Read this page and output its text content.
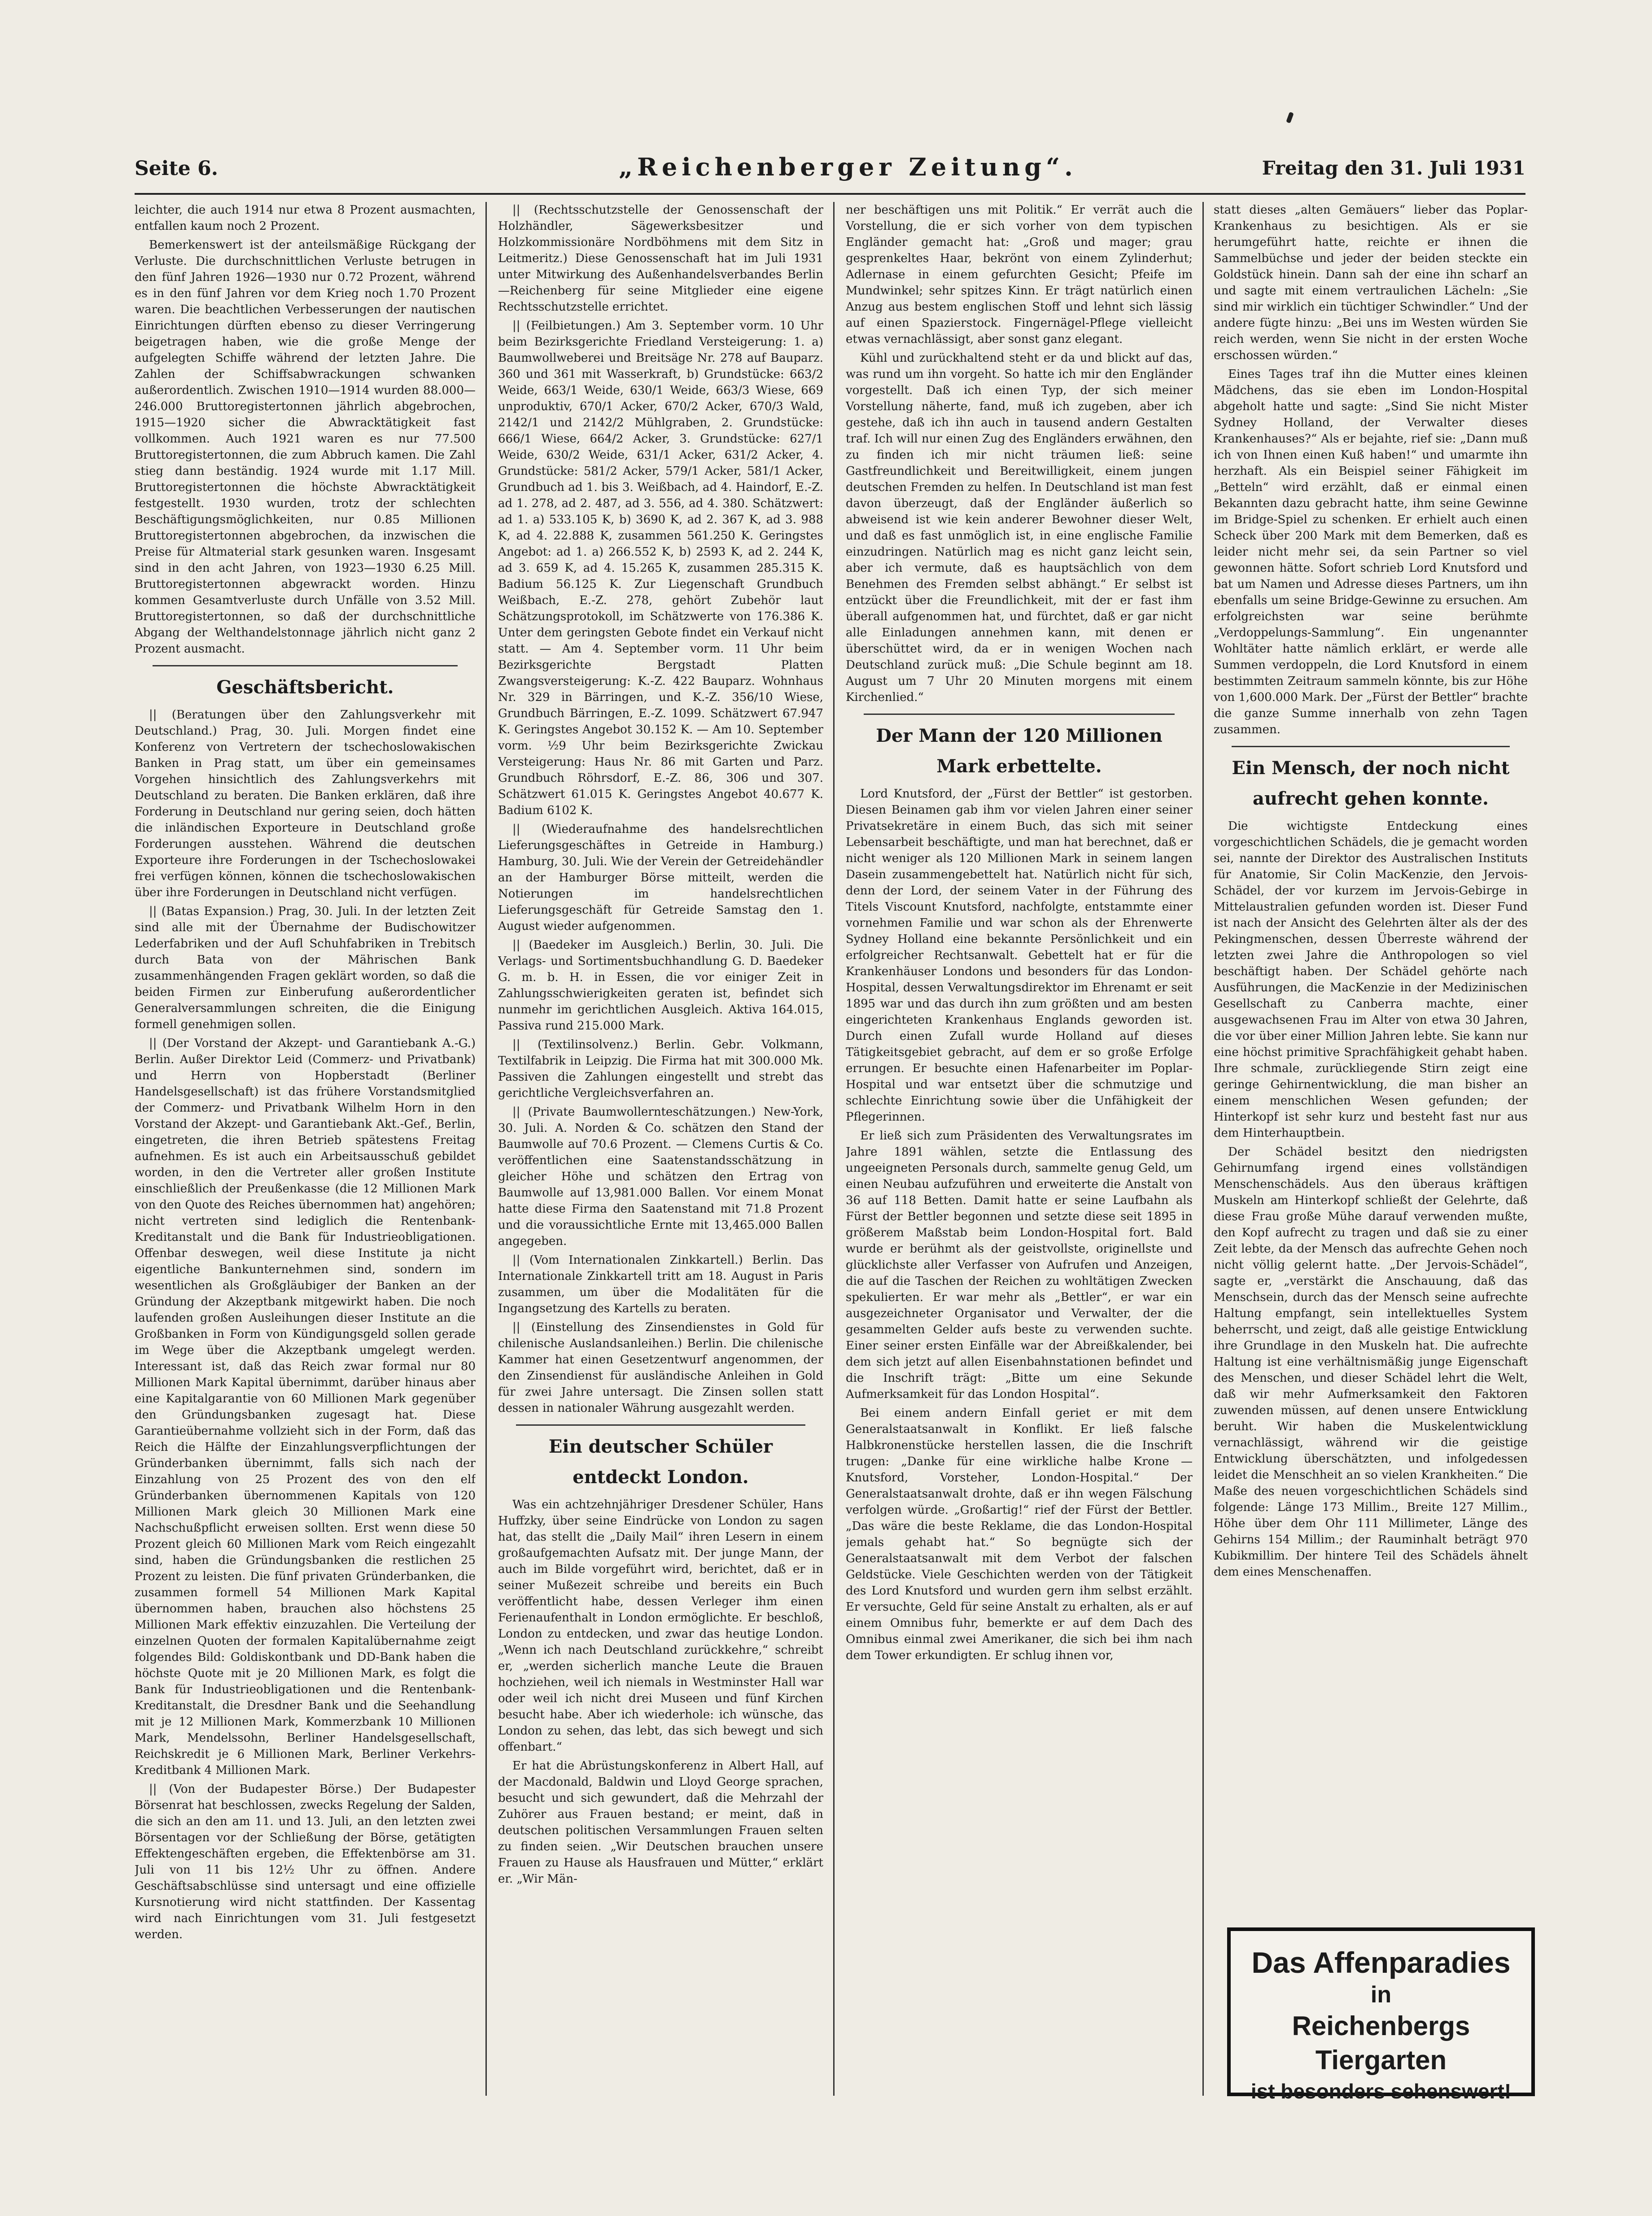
Seite 6.	„Reichenberger Zeitung“.	Freitag den 31. Juli 1931

leichter, die auch 1914 nur etwa 8 Prozent ausmachten, entfallen kaum noch 2 Prozent.

Bemerkenswert ist der anteilsmäßige Rückgang der Verluste. Die durchschnittlichen Verluste betrugen in den fünf Jahren 1926—1930 nur 0.72 Prozent, während es in den fünf Jahren vor dem Krieg noch 1.70 Prozent waren. Die beachtlichen Verbesserungen der nautischen Einrichtungen dürften ebenso zu dieser Verringerung beigetragen haben, wie die große Menge der aufgelegten Schiffe während der letzten Jahre. Die Zahlen der Schiffsabwrackungen schwanken außerordentlich. Zwischen 1910—1914 wurden 88.000—246.000 Bruttoregistertonnen jährlich abgebrochen, 1915—1920 sicher die Abwracktätigkeit fast vollkommen. Auch 1921 waren es nur 77.500 Bruttoregistertonnen, die zum Abbruch kamen. Die Zahl stieg dann beständig. 1924 wurde mit 1.17 Mill. Bruttoregistertonnen die höchste Abwracktätigkeit festgestellt. 1930 wurden, trotz der schlechten Beschäftigungsmöglichkeiten, nur 0.85 Millionen Bruttoregistertonnen abgebrochen, da inzwischen die Preise für Altmaterial stark gesunken waren. Insgesamt sind in den acht Jahren, von 1923—1930 6.25 Mill. Bruttoregistertonnen abgewrackt worden. Hinzu kommen Gesamtverluste durch Unfälle von 3.52 Mill. Bruttoregistertonnen, so daß der durchschnittliche Abgang der Welthandelstonnage jährlich nicht ganz 2 Prozent ausmacht.

Geschäftsbericht.

|| (Beratungen über den Zahlungsverkehr mit Deutschland.) Prag, 30. Juli. Morgen findet eine Konferenz von Vertretern der tschechoslowakischen Banken in Prag statt, um über ein gemeinsames Vorgehen hinsichtlich des Zahlungsverkehrs mit Deutschland zu beraten. Die Banken erklären, daß ihre Forderung in Deutschland nur gering seien, doch hätten die inländischen Exporteure in Deutschland große Forderungen ausstehen. Während die deutschen Exporteure ihre Forderungen in der Tschechoslowakei frei verfügen können, können die tschechoslowakischen über ihre Forderungen in Deutschland nicht verfügen.

|| (Batas Expansion.) Prag, 30. Juli. In der letzten Zeit sind alle mit der Übernahme der Budischowitzer Lederfabriken und der Aufl Schuhfabriken in Trebitsch durch Bata von der Mährischen Bank zusammenhängenden Fragen geklärt worden, so daß die beiden Firmen zur Einberufung außerordentlicher Generalversammlungen schreiten, die die Einigung formell genehmigen sollen.

|| (Der Vorstand der Akzept- und Garantiebank A.-G.) Berlin. Außer Direktor Leid (Commerz- und Privatbank) und Herrn von Hopberstadt (Berliner Handelsgesellschaft) ist das frühere Vorstandsmitglied der Commerz- und Privatbank Wilhelm Horn in den Vorstand der Akzept- und Garantiebank Akt.-Gef., Berlin, eingetreten, die ihren Betrieb spätestens Freitag aufnehmen. Es ist auch ein Arbeitsausschuß gebildet worden, in den die Vertreter aller großen Institute einschließlich der Preußenkasse (die 12 Millionen Mark von den Quote des Reiches übernommen hat) angehören; nicht vertreten sind lediglich die Rentenbank-Kreditanstalt und die Bank für Industrieobligationen. Offenbar deswegen, weil diese Institute ja nicht eigentliche Bankunternehmen sind, sondern im wesentlichen als Großgläubiger der Banken an der Gründung der Akzeptbank mitgewirkt haben. Die noch laufenden großen Ausleihungen dieser Institute an die Großbanken in Form von Kündigungsgeld sollen gerade im Wege über die Akzeptbank umgelegt werden. Interessant ist, daß das Reich zwar formal nur 80 Millionen Mark Kapital übernimmt, darüber hinaus aber eine Kapitalgarantie von 60 Millionen Mark gegenüber den Gründungsbanken zugesagt hat. Diese Garantieübernahme vollzieht sich in der Form, daß das Reich die Hälfte der Einzahlungsverpflichtungen der Gründerbanken übernimmt, falls sich nach der Einzahlung von 25 Prozent des von den elf Gründerbanken übernommenen Kapitals von 120 Millionen Mark gleich 30 Millionen Mark eine Nachschußpflicht erweisen sollten. Erst wenn diese 50 Prozent gleich 60 Millionen Mark vom Reich eingezahlt sind, haben die Gründungsbanken die restlichen 25 Prozent zu leisten. Die fünf privaten Gründerbanken, die zusammen formell 54 Millionen Mark Kapital übernommen haben, brauchen also höchstens 25 Millionen Mark effektiv einzuzahlen. Die Verteilung der einzelnen Quoten der formalen Kapitalübernahme zeigt folgendes Bild: Goldiskontbank und DD-Bank haben die höchste Quote mit je 20 Millionen Mark, es folgt die Bank für Industrieobligationen und die Rentenbank-Kreditanstalt, die Dresdner Bank und die Seehandlung mit je 12 Millionen Mark, Kommerzbank 10 Millionen Mark, Mendelssohn, Berliner Handelsgesellschaft, Reichskredit je 6 Millionen Mark, Berliner Verkehrs-Kreditbank 4 Millionen Mark.

|| (Von der Budapester Börse.) Der Budapester Börsenrat hat beschlossen, zwecks Regelung der Salden, die sich an den am 11. und 13. Juli, an den letzten zwei Börsentagen vor der Schließung der Börse, getätigten Effektengeschäften ergeben, die Effektenbörse am 31. Juli von 11 bis 12½ Uhr zu öffnen. Andere Geschäftsabschlüsse sind untersagt und eine offizielle Kursnotierung wird nicht stattfinden. Der Kassentag wird nach Einrichtungen vom 31. Juli festgesetzt werden.

|| (Rechtsschutzstelle der Genossenschaft der Holzhändler, Sägewerksbesitzer und Holzkommissionäre Nordböhmens mit dem Sitz in Leitmeritz.) Diese Genossenschaft hat im Juli 1931 unter Mitwirkung des Außenhandelsverbandes Berlin—Reichenberg für seine Mitglieder eine eigene Rechtsschutzstelle errichtet.

|| (Feilbietungen.) Am 3. September vorm. 10 Uhr beim Bezirksgerichte Friedland Versteigerung: 1. a) Baumwollweberei und Breitsäge Nr. 278 auf Bauparz. 360 und 361 mit Wasserkraft, b) Grundstücke: 663/2 Weide, 663/1 Weide, 630/1 Weide, 663/3 Wiese, 669 unproduktiv, 670/1 Acker, 670/2 Acker, 670/3 Wald, 2142/1 und 2142/2 Mühlgraben, 2. Grundstücke: 666/1 Wiese, 664/2 Acker, 3. Grundstücke: 627/1 Weide, 630/2 Weide, 631/1 Acker, 631/2 Acker, 4. Grundstücke: 581/2 Acker, 579/1 Acker, 581/1 Acker, Grundbuch ad 1. bis 3. Weißbach, ad 4. Haindorf, E.-Z. ad 1. 278, ad 2. 487, ad 3. 556, ad 4. 380. Schätzwert: ad 1. a) 533.105 K, b) 3690 K, ad 2. 367 K, ad 3. 988 K, ad 4. 22.888 K, zusammen 561.250 K. Geringstes Angebot: ad 1. a) 266.552 K, b) 2593 K, ad 2. 244 K, ad 3. 659 K, ad 4. 15.265 K, zusammen 285.315 K. Badium 56.125 K. Zur Liegenschaft Grundbuch Weißbach, E.-Z. 278, gehört Zubehör laut Schätzungsprotokoll, im Schätzwerte von 176.386 K. Unter dem geringsten Gebote findet ein Verkauf nicht statt. — Am 4. September vorm. 11 Uhr beim Bezirksgerichte Bergstadt Platten Zwangsversteigerung: K.-Z. 422 Bauparz. Wohnhaus Nr. 329 in Bärringen, und K.-Z. 356/10 Wiese, Grundbuch Bärringen, E.-Z. 1099. Schätzwert 67.947 K. Geringstes Angebot 30.152 K. — Am 10. September vorm. ½9 Uhr beim Bezirksgerichte Zwickau Versteigerung: Haus Nr. 86 mit Garten und Parz. Grundbuch Röhrsdorf, E.-Z. 86, 306 und 307. Schätzwert 61.015 K. Geringstes Angebot 40.677 K. Badium 6102 K.

|| (Wiederaufnahme des handelsrechtlichen Lieferungsgeschäftes in Getreide in Hamburg.) Hamburg, 30. Juli. Wie der Verein der Getreidehändler an der Hamburger Börse mitteilt, werden die Notierungen im handelsrechtlichen Lieferungsgeschäft für Getreide Samstag den 1. August wieder aufgenommen.

|| (Baedeker im Ausgleich.) Berlin, 30. Juli. Die Verlags- und Sortimentsbuchhandlung G. D. Baedeker G. m. b. H. in Essen, die vor einiger Zeit in Zahlungsschwierigkeiten geraten ist, befindet sich nunmehr im gerichtlichen Ausgleich. Aktiva 164.015, Passiva rund 215.000 Mark.

|| (Textilinsolvenz.) Berlin. Gebr. Volkmann, Textilfabrik in Leipzig. Die Firma hat mit 300.000 Mk. Passiven die Zahlungen eingestellt und strebt das gerichtliche Vergleichsverfahren an.

|| (Private Baumwollernteschätzungen.) New-York, 30. Juli. A. Norden & Co. schätzen den Stand der Baumwolle auf 70.6 Prozent. — Clemens Curtis & Co. veröffentlichen eine Saatenstandsschätzung in gleicher Höhe und schätzen den Ertrag von Baumwolle auf 13,981.000 Ballen. Vor einem Monat hatte diese Firma den Saatenstand mit 71.8 Prozent und die voraussichtliche Ernte mit 13,465.000 Ballen angegeben.

|| (Vom Internationalen Zinkkartell.) Berlin. Das Internationale Zinkkartell tritt am 18. August in Paris zusammen, um über die Modalitäten für die Ingangsetzung des Kartells zu beraten.

|| (Einstellung des Zinsendienstes in Gold für chilenische Auslandsanleihen.) Berlin. Die chilenische Kammer hat einen Gesetzentwurf angenommen, der den Zinsendienst für ausländische Anleihen in Gold für zwei Jahre untersagt. Die Zinsen sollen statt dessen in nationaler Währung ausgezahlt werden.

Ein deutscher Schüler
entdeckt London.

Was ein achtzehnjähriger Dresdener Schüler, Hans Huffzky, über seine Eindrücke von London zu sagen hat, das stellt die „Daily Mail“ ihren Lesern in einem großaufgemachten Aufsatz mit. Der junge Mann, der auch im Bilde vorgeführt wird, berichtet, daß er in seiner Mußezeit schreibe und bereits ein Buch veröffentlicht habe, dessen Verleger ihm einen Ferienaufenthalt in London ermöglichte. Er beschloß, London zu entdecken, und zwar das heutige London. „Wenn ich nach Deutschland zurückkehre,“ schreibt er, „werden sicherlich manche Leute die Brauen hochziehen, weil ich niemals in Westminster Hall war oder weil ich nicht drei Museen und fünf Kirchen besucht habe. Aber ich wiederhole: ich wünsche, das London zu sehen, das lebt, das sich bewegt und sich offenbart.“

Er hat die Abrüstungskonferenz in Albert Hall, auf der Macdonald, Baldwin und Lloyd George sprachen, besucht und sich gewundert, daß die Mehrzahl der Zuhörer aus Frauen bestand; er meint, daß in deutschen politischen Versammlungen Frauen selten zu finden seien. „Wir Deutschen brauchen unsere Frauen zu Hause als Hausfrauen und Mütter,“ erklärt er. „Wir Män-

ner beschäftigen uns mit Politik.“ Er verrät auch die Vorstellung, die er sich vorher von dem typischen Engländer gemacht hat: „Groß und mager; grau gesprenkeltes Haar, bekrönt von einem Zylinderhut; Adlernase in einem gefurchten Gesicht; Pfeife im Mundwinkel; sehr spitzes Kinn. Er trägt natürlich einen Anzug aus bestem englischen Stoff und lehnt sich lässig auf einen Spazierstock. Fingernägel-Pflege vielleicht etwas vernachlässigt, aber sonst ganz elegant.

Kühl und zurückhaltend steht er da und blickt auf das, was rund um ihn vorgeht. So hatte ich mir den Engländer vorgestellt. Daß ich einen Typ, der sich meiner Vorstellung näherte, fand, muß ich zugeben, aber ich gestehe, daß ich ihn auch in tausend andern Gestalten traf. Ich will nur einen Zug des Engländers erwähnen, den zu finden ich mir nicht träumen ließ: seine Gastfreundlichkeit und Bereitwilligkeit, einem jungen deutschen Fremden zu helfen. In Deutschland ist man fest davon überzeugt, daß der Engländer äußerlich so abweisend ist wie kein anderer Bewohner dieser Welt, und daß es fast unmöglich ist, in eine englische Familie einzudringen. Natürlich mag es nicht ganz leicht sein, aber ich vermute, daß es hauptsächlich von dem Benehmen des Fremden selbst abhängt.“ Er selbst ist entzückt über die Freundlichkeit, mit der er fast ihm überall aufgenommen hat, und fürchtet, daß er gar nicht alle Einladungen annehmen kann, mit denen er überschüttet wird, da er in wenigen Wochen nach Deutschland zurück muß: „Die Schule beginnt am 18. August um 7 Uhr 20 Minuten morgens mit einem Kirchenlied.“

Der Mann der 120 Millionen
Mark erbettelte.

Lord Knutsford, der „Fürst der Bettler“ ist gestorben. Diesen Beinamen gab ihm vor vielen Jahren einer seiner Privatsekretäre in einem Buch, das sich mit seiner Lebensarbeit beschäftigte, und man hat berechnet, daß er nicht weniger als 120 Millionen Mark in seinem langen Dasein zusammengebettelt hat. Natürlich nicht für sich, denn der Lord, der seinem Vater in der Führung des Titels Viscount Knutsford, nachfolgte, entstammte einer vornehmen Familie und war schon als der Ehrenwerte Sydney Holland eine bekannte Persönlichkeit und ein erfolgreicher Rechtsanwalt. Gebettelt hat er für die Krankenhäuser Londons und besonders für das London-Hospital, dessen Verwaltungsdirektor im Ehrenamt er seit 1895 war und das durch ihn zum größten und am besten eingerichteten Krankenhaus Englands geworden ist. Durch einen Zufall wurde Holland auf dieses Tätigkeitsgebiet gebracht, auf dem er so große Erfolge errungen. Er besuchte einen Hafenarbeiter im Poplar-Hospital und war entsetzt über die schmutzige und schlechte Einrichtung sowie über die Unfähigkeit der Pflegerinnen.

Er ließ sich zum Präsidenten des Verwaltungsrates im Jahre 1891 wählen, setzte die Entlassung des ungeeigneten Personals durch, sammelte genug Geld, um einen Neubau aufzuführen und erweiterte die Anstalt von 36 auf 118 Betten. Damit hatte er seine Laufbahn als Fürst der Bettler begonnen und setzte diese seit 1895 in größerem Maßstab beim London-Hospital fort. Bald wurde er berühmt als der geistvollste, originellste und glücklichste aller Verfasser von Aufrufen und Anzeigen, die auf die Taschen der Reichen zu wohltätigen Zwecken spekulierten. Er war mehr als „Bettler“, er war ein ausgezeichneter Organisator und Verwalter, der die gesammelten Gelder aufs beste zu verwenden suchte. Einer seiner ersten Einfälle war der Abreißkalender, bei dem sich jetzt auf allen Eisenbahnstationen befindet und die Inschrift trägt: „Bitte um eine Sekunde Aufmerksamkeit für das London Hospital“.

Bei einem andern Einfall geriet er mit dem Generalstaatsanwalt in Konflikt. Er ließ falsche Halbkronenstücke herstellen lassen, die die Inschrift trugen: „Danke für eine wirkliche halbe Krone — Knutsford, Vorsteher, London-Hospital.“ Der Generalstaatsanwalt drohte, daß er ihn wegen Fälschung verfolgen würde. „Großartig!“ rief der Fürst der Bettler. „Das wäre die beste Reklame, die das London-Hospital jemals gehabt hat.“ So begnügte sich der Generalstaatsanwalt mit dem Verbot der falschen Geldstücke. Viele Geschichten werden von der Tätigkeit des Lord Knutsford und wurden gern ihm selbst erzählt. Er versuchte, Geld für seine Anstalt zu erhalten, als er auf einem Omnibus fuhr, bemerkte er auf dem Dach des Omnibus einmal zwei Amerikaner, die sich bei ihm nach dem Tower erkundigten. Er schlug ihnen vor,

statt dieses „alten Gemäuers“ lieber das Poplar-Krankenhaus zu besichtigen. Als er sie herumgeführt hatte, reichte er ihnen die Sammelbüchse und jeder der beiden steckte ein Goldstück hinein. Dann sah der eine ihn scharf an und sagte mit einem vertraulichen Lächeln: „Sie sind mir wirklich ein tüchtiger Schwindler.“ Und der andere fügte hinzu: „Bei uns im Westen würden Sie reich werden, wenn Sie nicht in der ersten Woche erschossen würden.“

Eines Tages traf ihn die Mutter eines kleinen Mädchens, das sie eben im London-Hospital abgeholt hatte und sagte: „Sind Sie nicht Mister Sydney Holland, der Verwalter dieses Krankenhauses?“ Als er bejahte, rief sie: „Dann muß ich von Ihnen einen Kuß haben!“ und umarmte ihn herzhaft. Als ein Beispiel seiner Fähigkeit im „Betteln“ wird erzählt, daß er einmal einen Bekannten dazu gebracht hatte, ihm seine Gewinne im Bridge-Spiel zu schenken. Er erhielt auch einen Scheck über 200 Mark mit dem Bemerken, daß es leider nicht mehr sei, da sein Partner so viel gewonnen hätte. Sofort schrieb Lord Knutsford und bat um Namen und Adresse dieses Partners, um ihn ebenfalls um seine Bridge-Gewinne zu ersuchen. Am erfolgreichsten war seine berühmte „Verdoppelungs-Sammlung“. Ein ungenannter Wohltäter hatte nämlich erklärt, er werde alle Summen verdoppeln, die Lord Knutsford in einem bestimmten Zeitraum sammeln könnte, bis zur Höhe von 1,600.000 Mark. Der „Fürst der Bettler“ brachte die ganze Summe innerhalb von zehn Tagen zusammen.

Ein Mensch, der noch nicht
aufrecht gehen konnte.

Die wichtigste Entdeckung eines vorgeschichtlichen Schädels, die je gemacht worden sei, nannte der Direktor des Australischen Instituts für Anatomie, Sir Colin MacKenzie, den Jervois-Schädel, der vor kurzem im Jervois-Gebirge in Mittelaustralien gefunden worden ist. Dieser Fund ist nach der Ansicht des Gelehrten älter als der des Pekingmenschen, dessen Überreste während der letzten zwei Jahre die Anthropologen so viel beschäftigt haben. Der Schädel gehörte nach Ausführungen, die MacKenzie in der Medizinischen Gesellschaft zu Canberra machte, einer ausgewachsenen Frau im Alter von etwa 30 Jahren, die vor über einer Million Jahren lebte. Sie kann nur eine höchst primitive Sprachfähigkeit gehabt haben. Ihre schmale, zurückliegende Stirn zeigt eine geringe Gehirnentwicklung, die man bisher an einem menschlichen Wesen gefunden; der Hinterkopf ist sehr kurz und besteht fast nur aus dem Hinterhauptbein.

Der Schädel besitzt den niedrigsten Gehirnumfang irgend eines vollständigen Menschenschädels. Aus den überaus kräftigen Muskeln am Hinterkopf schließt der Gelehrte, daß diese Frau große Mühe darauf verwenden mußte, den Kopf aufrecht zu tragen und daß sie zu einer Zeit lebte, da der Mensch das aufrechte Gehen noch nicht völlig gelernt hatte. „Der Jervois-Schädel“, sagte er, „verstärkt die Anschauung, daß das Menschsein, durch das der Mensch seine aufrechte Haltung empfangt, sein intellektuelles System beherrscht, und zeigt, daß alle geistige Entwicklung ihre Grundlage in den Muskeln hat. Die aufrechte Haltung ist eine verhältnismäßig junge Eigenschaft des Menschen, und dieser Schädel lehrt die Welt, daß wir mehr Aufmerksamkeit den Faktoren zuwenden müssen, auf denen unsere Entwicklung beruht. Wir haben die Muskelentwicklung vernachlässigt, während wir die geistige Entwicklung überschätzten, und infolgedessen leidet die Menschheit an so vielen Krankheiten.“ Die Maße des neuen vorgeschichtlichen Schädels sind folgende: Länge 173 Millim., Breite 127 Millim., Höhe über dem Ohr 111 Millimeter, Länge des Gehirns 154 Millim.; der Rauminhalt beträgt 970 Kubikmillim. Der hintere Teil des Schädels ähnelt dem eines Menschenaffen.

Das Affenparadies
in
Reichenbergs Tiergarten
ist besonders sehenswert!
